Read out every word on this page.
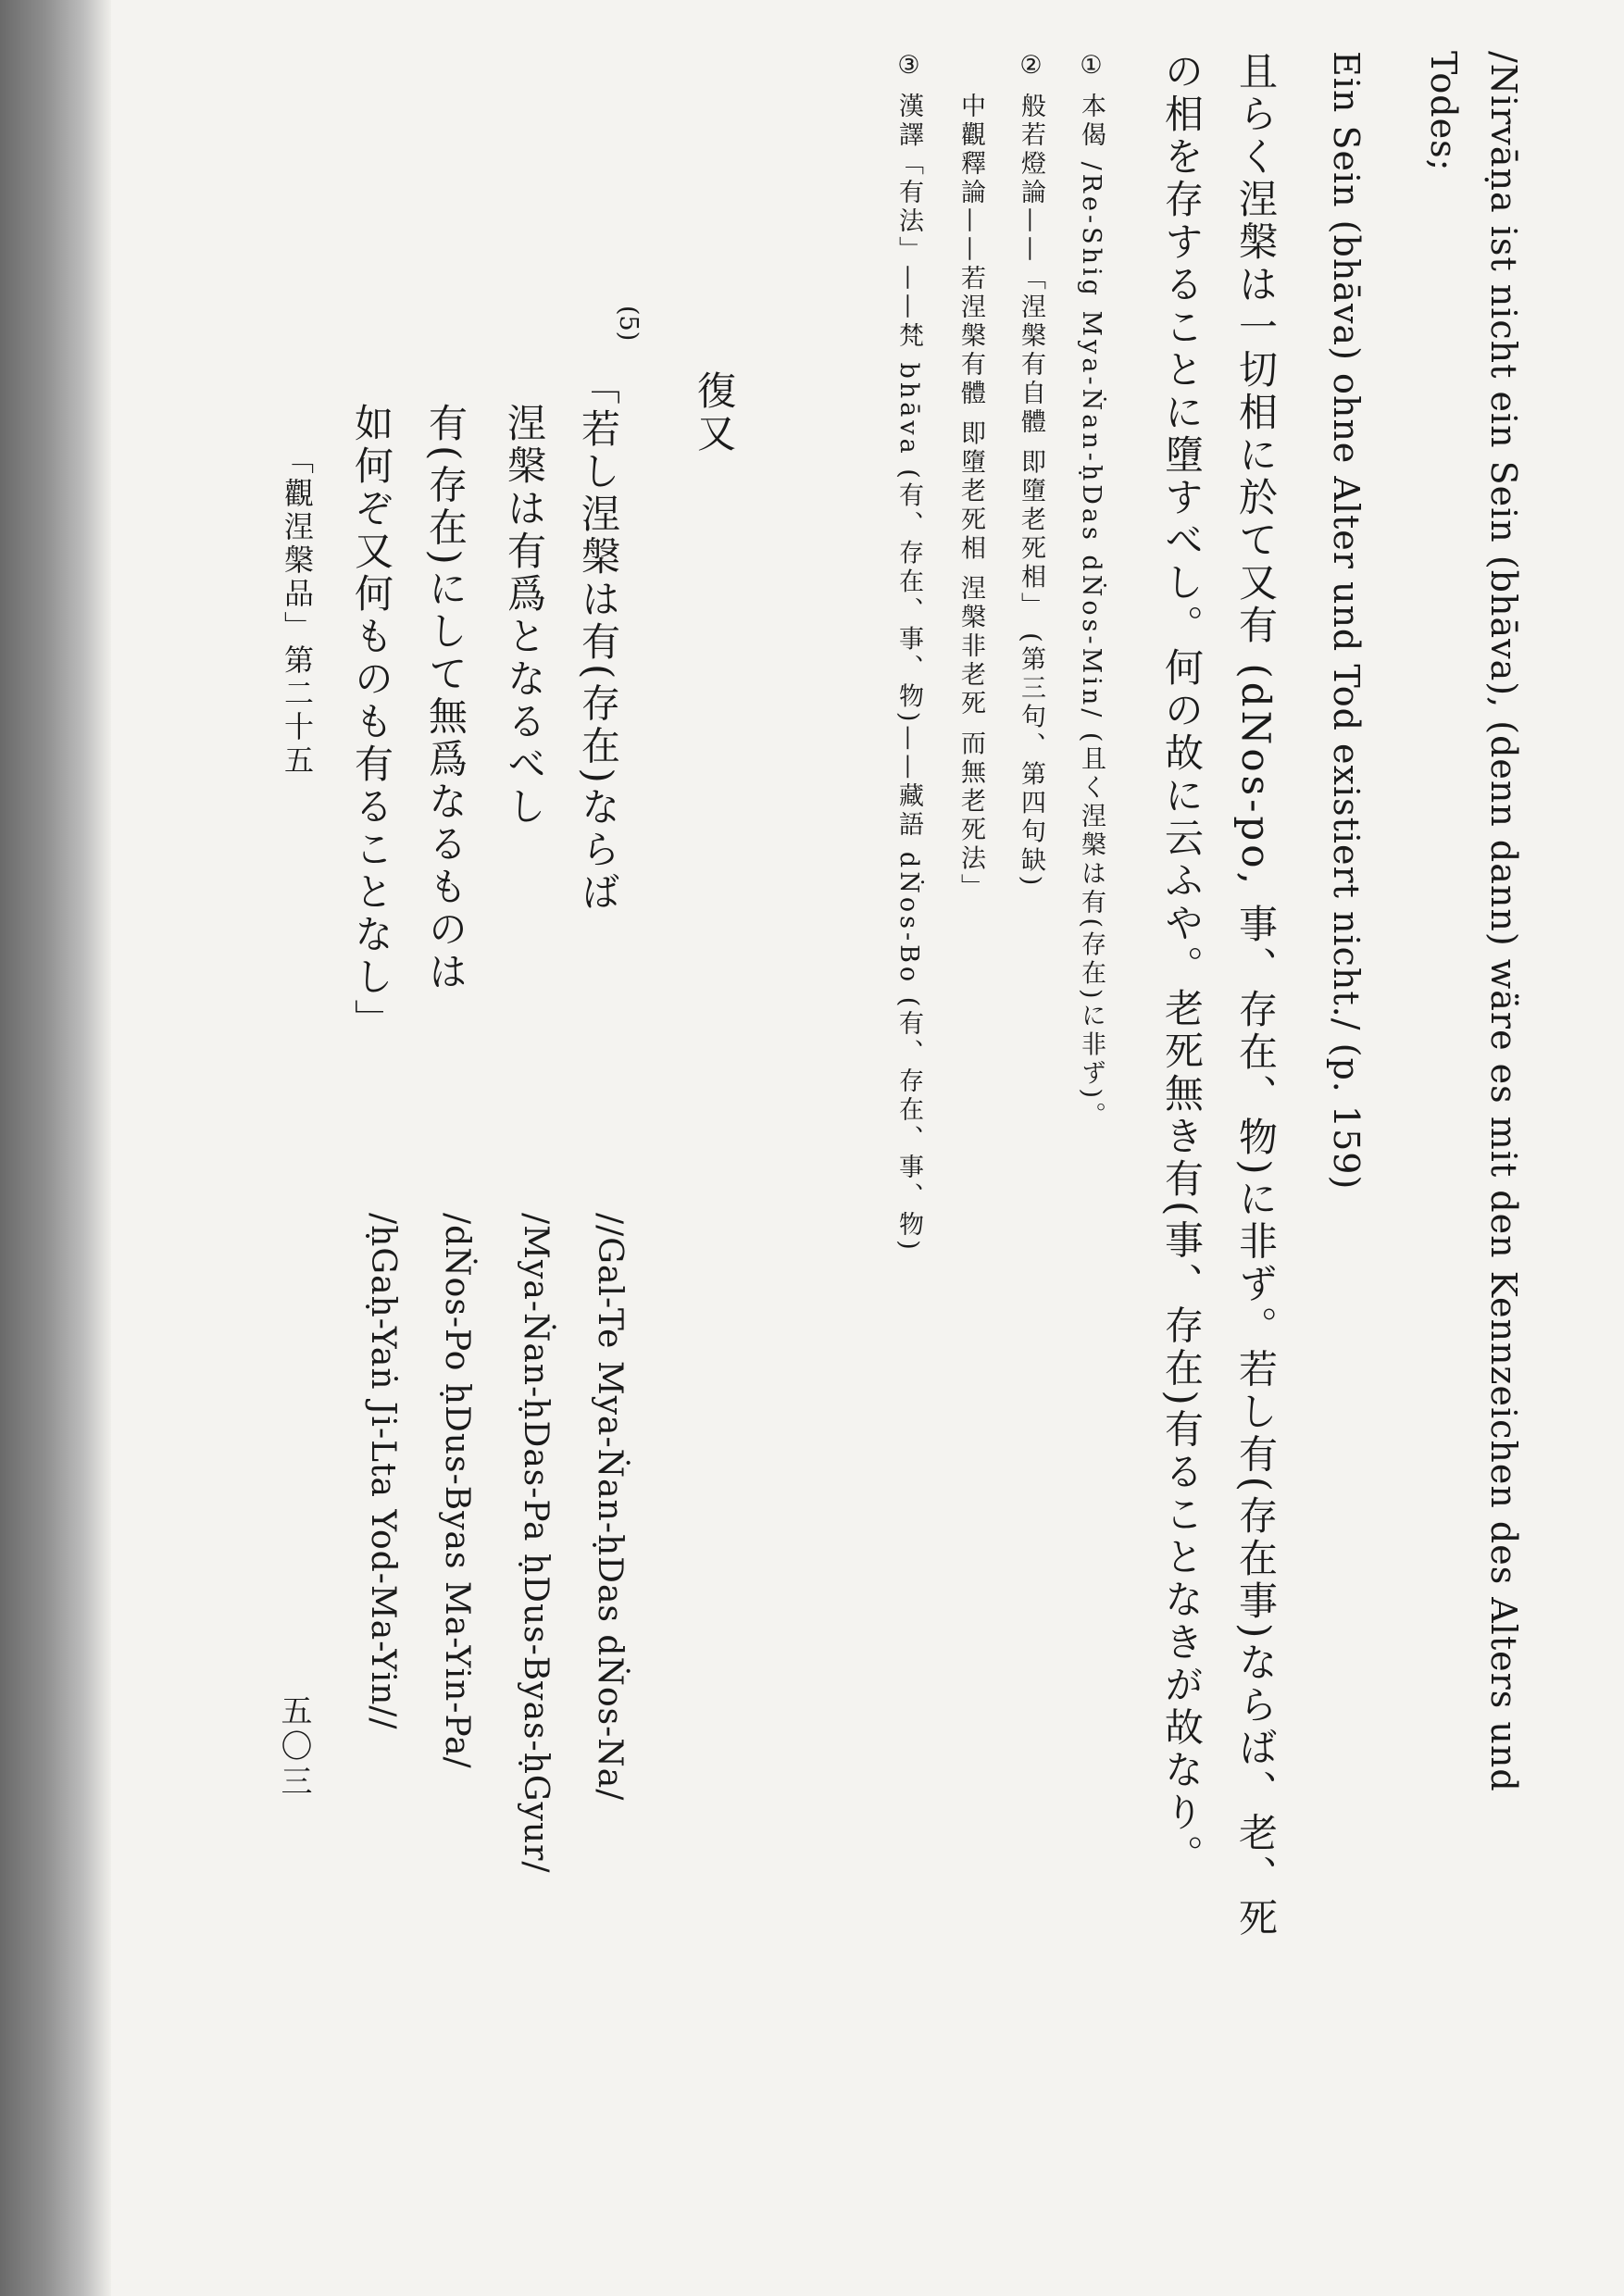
/Nirvāṇa ist nicht ein Sein (bhāva), (denn dann) wäre es mit den Kennzeichen des Alters und
Todes;
Ein Sein (bhāva) ohne Alter und Tod existiert nicht./ (p. 159)
且らく涅槃は一切相に於て又有 (dNos-po, 事、存在、物)に非ず。若し有(存在事)ならば、老、死
の相を存することに墮すべし。何の故に云ふや。老死無き有(事、存在)有ることなきが故なり。
①
本偈 /Re-Shig Mya-Ṅan-ḥDas dṄos-Min/ (且く涅槃は有(存在)に非ず)。
②
般若燈論——「涅槃有自體 即墮老死相」 (第三句、第四句缺)
中觀釋論——若涅槃有體 即墮老死相 涅槃非老死 而無老死法」
③
漢譯「有法」——梵 bhāva (有、存在、事、物)——藏語 dṄos-Bo (有、存在、事、物)
復又
(5)
「若し涅槃は有(存在)ならば
涅槃は有爲となるべし
有(存在)にして無爲なるものは
如何ぞ又何ものも有ることなし」
//Gal-Te Mya-Ṅan-ḥDas dṄos-Na/
/Mya-Ṅan-ḥDas-Pa ḥDus-Byas-ḥGyur/
/dṄos-Po ḥDus-Byas Ma-Yin-Pa/
/ḥGaḥ-Yaṅ Ji-Lta Yod-Ma-Yin//
「觀涅槃品」第二十五
五〇三
